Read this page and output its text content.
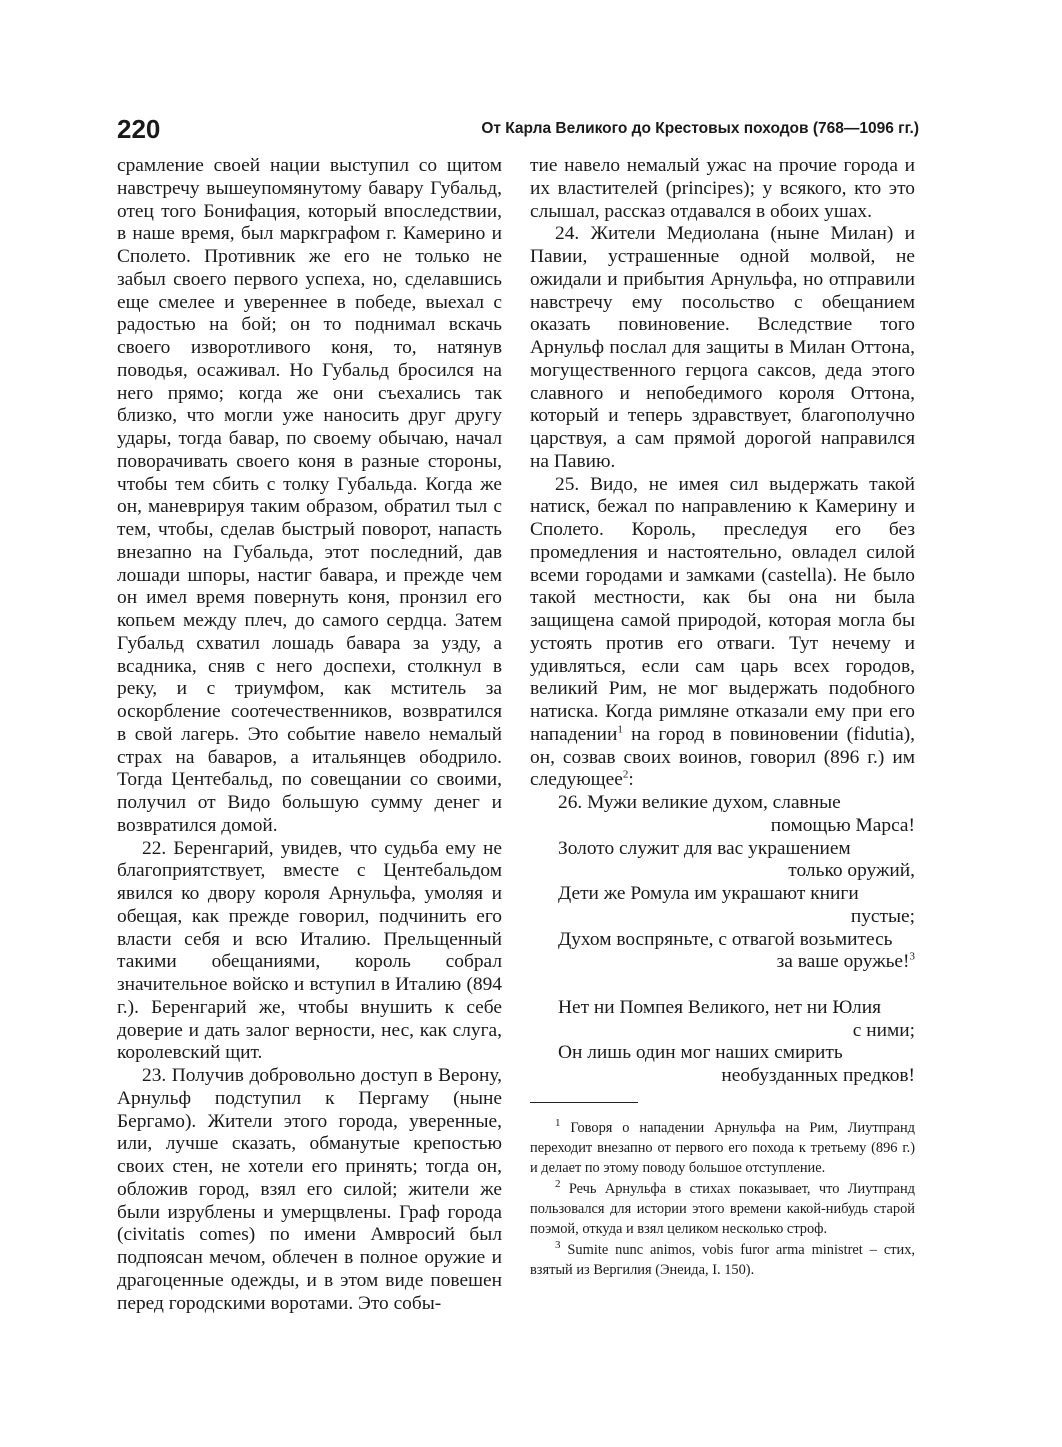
220	От Карла Великого до Крестовых походов (768—1096 гг.)

срамление своей нации выступил со щитом навстречу вышеупомянутому бавару Губальд, отец того Бонифация, который впоследствии, в наше время, был маркграфом г. Камерино и Сполето. Противник же его не только не забыл своего первого успеха, но, сделавшись еще смелее и увереннее в победе, выехал с радостью на бой; он то поднимал вскачь своего изворотливого коня, то, натянув поводья, осаживал. Но Губальд бросился на него прямо; когда же они съехались так близко, что могли уже наносить друг другу удары, тогда бавар, по своему обычаю, начал поворачивать своего коня в разные стороны, чтобы тем сбить с толку Губальда. Когда же он, маневрируя таким образом, обратил тыл с тем, чтобы, сделав быстрый поворот, напасть внезапно на Губальда, этот последний, дав лошади шпоры, настиг бавара, и прежде чем он имел время повернуть коня, пронзил его копьем между плеч, до самого сердца. Затем Губальд схватил лошадь бавара за узду, а всадника, сняв с него доспехи, столкнул в реку, и с триумфом, как мститель за оскорбление соотечественников, возвратился в свой лагерь. Это событие навело немалый страх на баваров, а итальянцев ободрило. Тогда Центебальд, по совещании со своими, получил от Видо большую сумму денег и возвратился домой.

22. Беренгарий, увидев, что судьба ему не благоприятствует, вместе с Центебальдом явился ко двору короля Арнульфа, умоляя и обещая, как прежде говорил, подчинить его власти себя и всю Италию. Прельщенный такими обещаниями, король собрал значительное войско и вступил в Италию (894 г.). Беренгарий же, чтобы внушить к себе доверие и дать залог верности, нес, как слуга, королевский щит.

23. Получив добровольно доступ в Верону, Арнульф подступил к Пергаму (ныне Бергамо). Жители этого города, уверенные, или, лучше сказать, обманутые крепостью своих стен, не хотели его принять; тогда он, обложив город, взял его силой; жители же были изрублены и умерщвлены. Граф города (civitatis comes) по имени Амвросий был подпоясан мечом, облечен в полное оружие и драгоценные одежды, и в этом виде повешен перед городскими воротами. Это собы-

тие навело немалый ужас на прочие города и их властителей (principes); у всякого, кто это слышал, рассказ отдавался в обоих ушах.

24. Жители Медиолана (ныне Милан) и Павии, устрашенные одной молвой, не ожидали и прибытия Арнульфа, но отправили навстречу ему посольство с обещанием оказать повиновение. Вследствие того Арнульф послал для защиты в Милан Оттона, могущественного герцога саксов, деда этого славного и непобедимого короля Оттона, который и теперь здравствует, благополучно царствуя, а сам прямой дорогой направился на Павию.

25. Видо, не имея сил выдержать такой натиск, бежал по направлению к Камерину и Сполето. Король, преследуя его без промедления и настоятельно, овладел силой всеми городами и замками (castella). Не было такой местности, как бы она ни была защищена самой природой, которая могла бы устоять против его отваги. Тут нечему и удивляться, если сам царь всех городов, великий Рим, не мог выдержать подобного натиска. Когда римляне отказали ему при его нападении$^1$ на город в повиновении (fidutia), он, созвав своих воинов, говорил (896 г.) им следующее$^2$:

26. Мужи великие духом, славные
помощью Марса!
Золото служит для вас украшением
только оружий,
Дети же Ромула им украшают книги
пустые;
Духом воспряньте, с отвагой возьмитесь
за ваше оружье!$^3$
Нет ни Помпея Великого, нет ни Юлия
с ними;
Он лишь один мог наших смирить
необузданных предков!

$^1$ Говоря о нападении Арнульфа на Рим, Лиутпранд переходит внезапно от первого его похода к третьему (896 г.) и делает по этому поводу большое отступление.

$^2$ Речь Арнульфа в стихах показывает, что Лиутпранд пользовался для истории этого времени какой-нибудь старой поэмой, откуда и взял целиком несколько строф.

$^3$ Sumite nunc animos, vobis furor arma ministret – стих, взятый из Вергилия (Энеида, I. 150).
